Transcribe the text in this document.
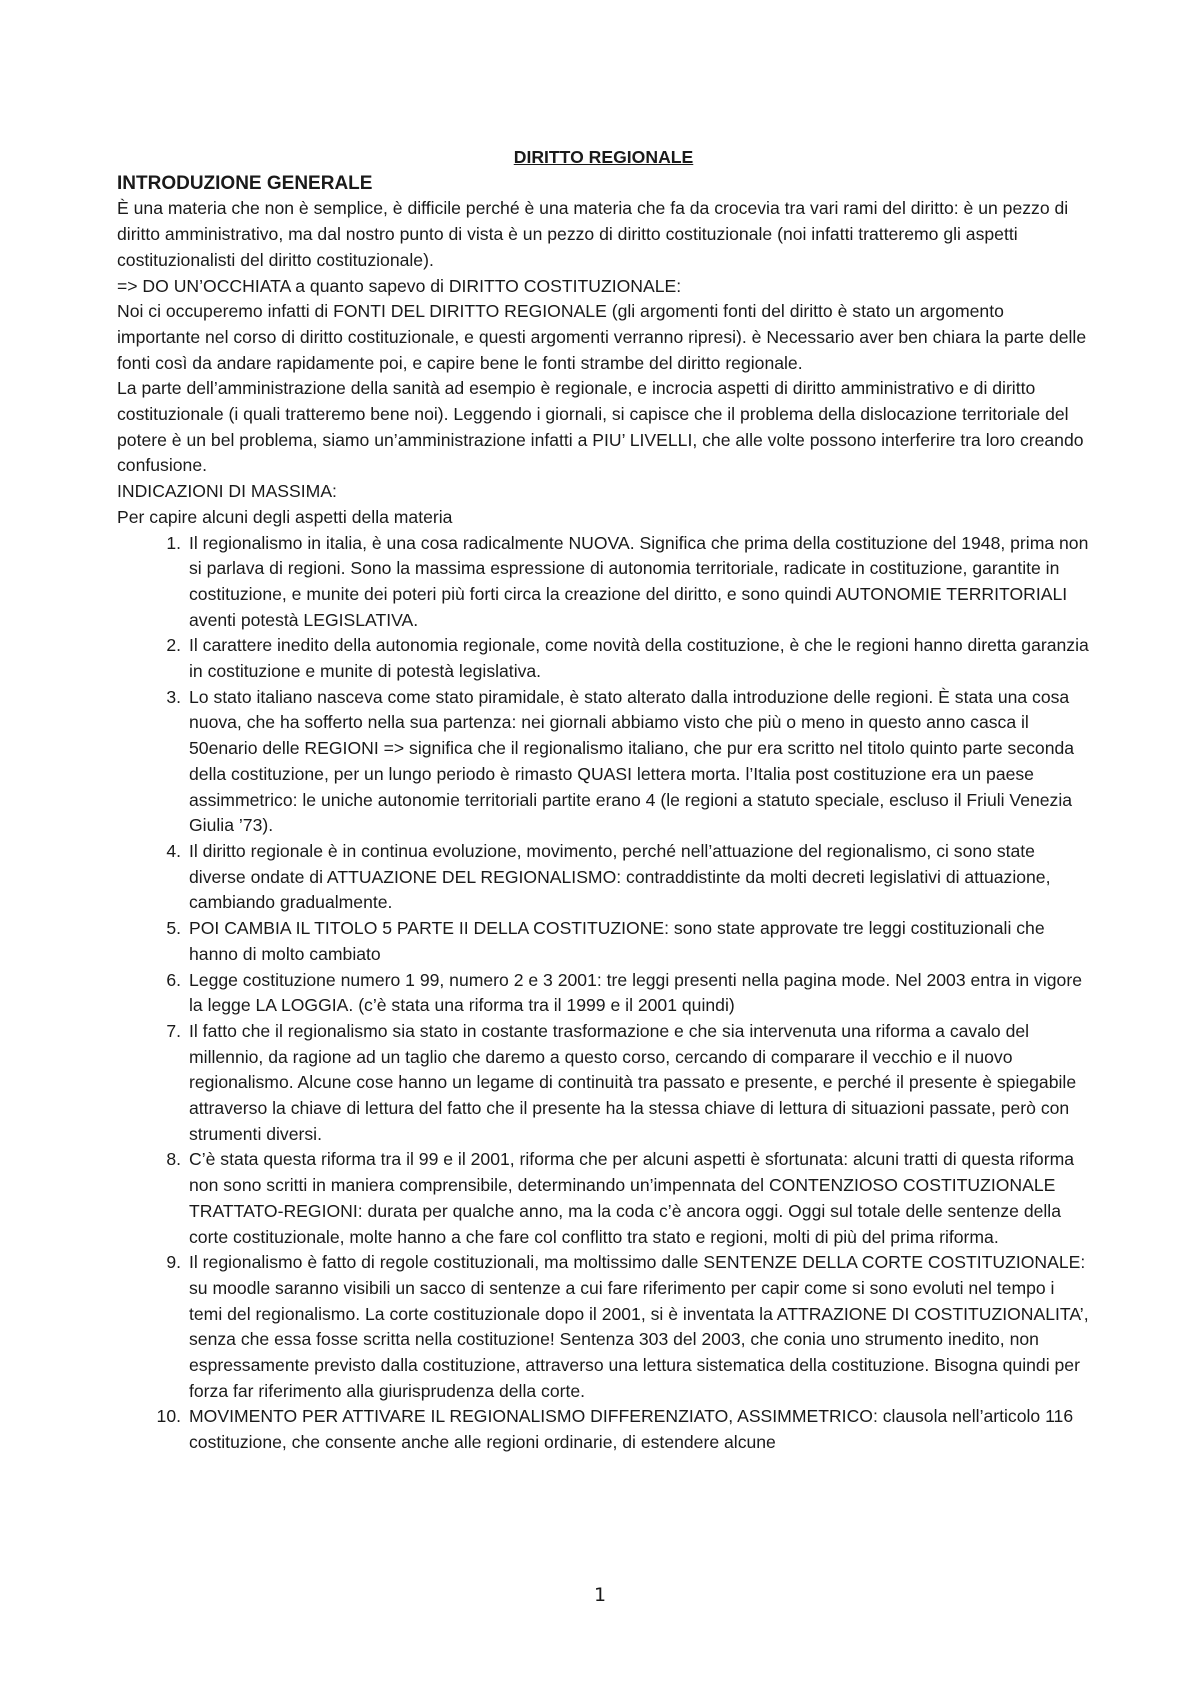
DIRITTO REGIONALE

INTRODUZIONE GENERALE

È una materia che non è semplice, è difficile perché è una materia che fa da crocevia tra vari rami del diritto: è un pezzo di diritto amministrativo, ma dal nostro punto di vista è un pezzo di diritto costituzionale (noi infatti tratteremo gli aspetti costituzionalisti del diritto costituzionale).

=> DO UN’OCCHIATA a quanto sapevo di DIRITTO COSTITUZIONALE:

Noi ci occuperemo infatti di FONTI DEL DIRITTO REGIONALE (gli argomenti fonti del diritto è stato un argomento importante nel corso di diritto costituzionale, e questi argomenti verranno ripresi). è Necessario aver ben chiara la parte delle fonti così da andare rapidamente poi, e capire bene le fonti strambe del diritto regionale.

La parte dell’amministrazione della sanità ad esempio è regionale, e incrocia aspetti di diritto amministrativo e di diritto costituzionale (i quali tratteremo bene noi). Leggendo i giornali, si capisce che il problema della dislocazione territoriale del potere è un bel problema, siamo un’amministrazione infatti a PIU’ LIVELLI, che alle volte possono interferire tra loro creando confusione.

INDICAZIONI DI MASSIMA:

Per capire alcuni degli aspetti della materia

1. Il regionalismo in italia, è una cosa radicalmente NUOVA. Significa che prima della costituzione del 1948, prima non si parlava di regioni. Sono la massima espressione di autonomia territoriale, radicate in costituzione, garantite in costituzione, e munite dei poteri più forti circa la creazione del diritto, e sono quindi AUTONOMIE TERRITORIALI aventi potestà LEGISLATIVA.
2. Il carattere inedito della autonomia regionale, come novità della costituzione, è che le regioni hanno diretta garanzia in costituzione e munite di potestà legislativa.
3. Lo stato italiano nasceva come stato piramidale, è stato alterato dalla introduzione delle regioni. È stata una cosa nuova, che ha sofferto nella sua partenza: nei giornali abbiamo visto che più o meno in questo anno casca il 50enario delle REGIONI => significa che il regionalismo italiano, che pur era scritto nel titolo quinto parte seconda della costituzione, per un lungo periodo è rimasto QUASI lettera morta. l’Italia post costituzione era un paese assimmetrico: le uniche autonomie territoriali partite erano 4 (le regioni a statuto speciale, escluso il Friuli Venezia Giulia ’73).
4. Il diritto regionale è in continua evoluzione, movimento, perché nell’attuazione del regionalismo, ci sono state diverse ondate di ATTUAZIONE DEL REGIONALISMO: contraddistinte da molti decreti legislativi di attuazione, cambiando gradualmente.
5. POI CAMBIA IL TITOLO 5 PARTE II DELLA COSTITUZIONE: sono state approvate tre leggi costituzionali che hanno di molto cambiato
6. Legge costituzione numero 1 99, numero 2 e 3 2001: tre leggi presenti nella pagina mode. Nel 2003 entra in vigore la legge LA LOGGIA. (c’è stata una riforma tra il 1999 e il 2001 quindi)
7. Il fatto che il regionalismo sia stato in costante trasformazione e che sia intervenuta una riforma a cavalo del millennio, da ragione ad un taglio che daremo a questo corso, cercando di comparare il vecchio e il nuovo regionalismo. Alcune cose hanno un legame di continuità tra passato e presente, e perché il presente è spiegabile attraverso la chiave di lettura del fatto che il presente ha la stessa chiave di lettura di situazioni passate, però con strumenti diversi.
8. C’è stata questa riforma tra il 99 e il 2001, riforma che per alcuni aspetti è sfortunata: alcuni tratti di questa riforma non sono scritti in maniera comprensibile, determinando un’impennata del CONTENZIOSO COSTITUZIONALE TRATTATO-REGIONI: durata per qualche anno, ma la coda c’è ancora oggi. Oggi sul totale delle sentenze della corte costituzionale, molte hanno a che fare col conflitto tra stato e regioni, molti di più del prima riforma.
9. Il regionalismo è fatto di regole costituzionali, ma moltissimo dalle SENTENZE DELLA CORTE COSTITUZIONALE: su moodle saranno visibili un sacco di sentenze a cui fare riferimento per capir come si sono evoluti nel tempo i temi del regionalismo. La corte costituzionale dopo il 2001, si è inventata la ATTRAZIONE DI COSTITUZIONALITA’, senza che essa fosse scritta nella costituzione! Sentenza 303 del 2003, che conia uno strumento inedito, non espressamente previsto dalla costituzione, attraverso una lettura sistematica della costituzione. Bisogna quindi per forza far riferimento alla giurisprudenza della corte.
10. MOVIMENTO PER ATTIVARE IL REGIONALISMO DIFFERENZIATO, ASSIMMETRICO: clausola nell’articolo 116 costituzione, che consente anche alle regioni ordinarie, di estendere alcune
1
